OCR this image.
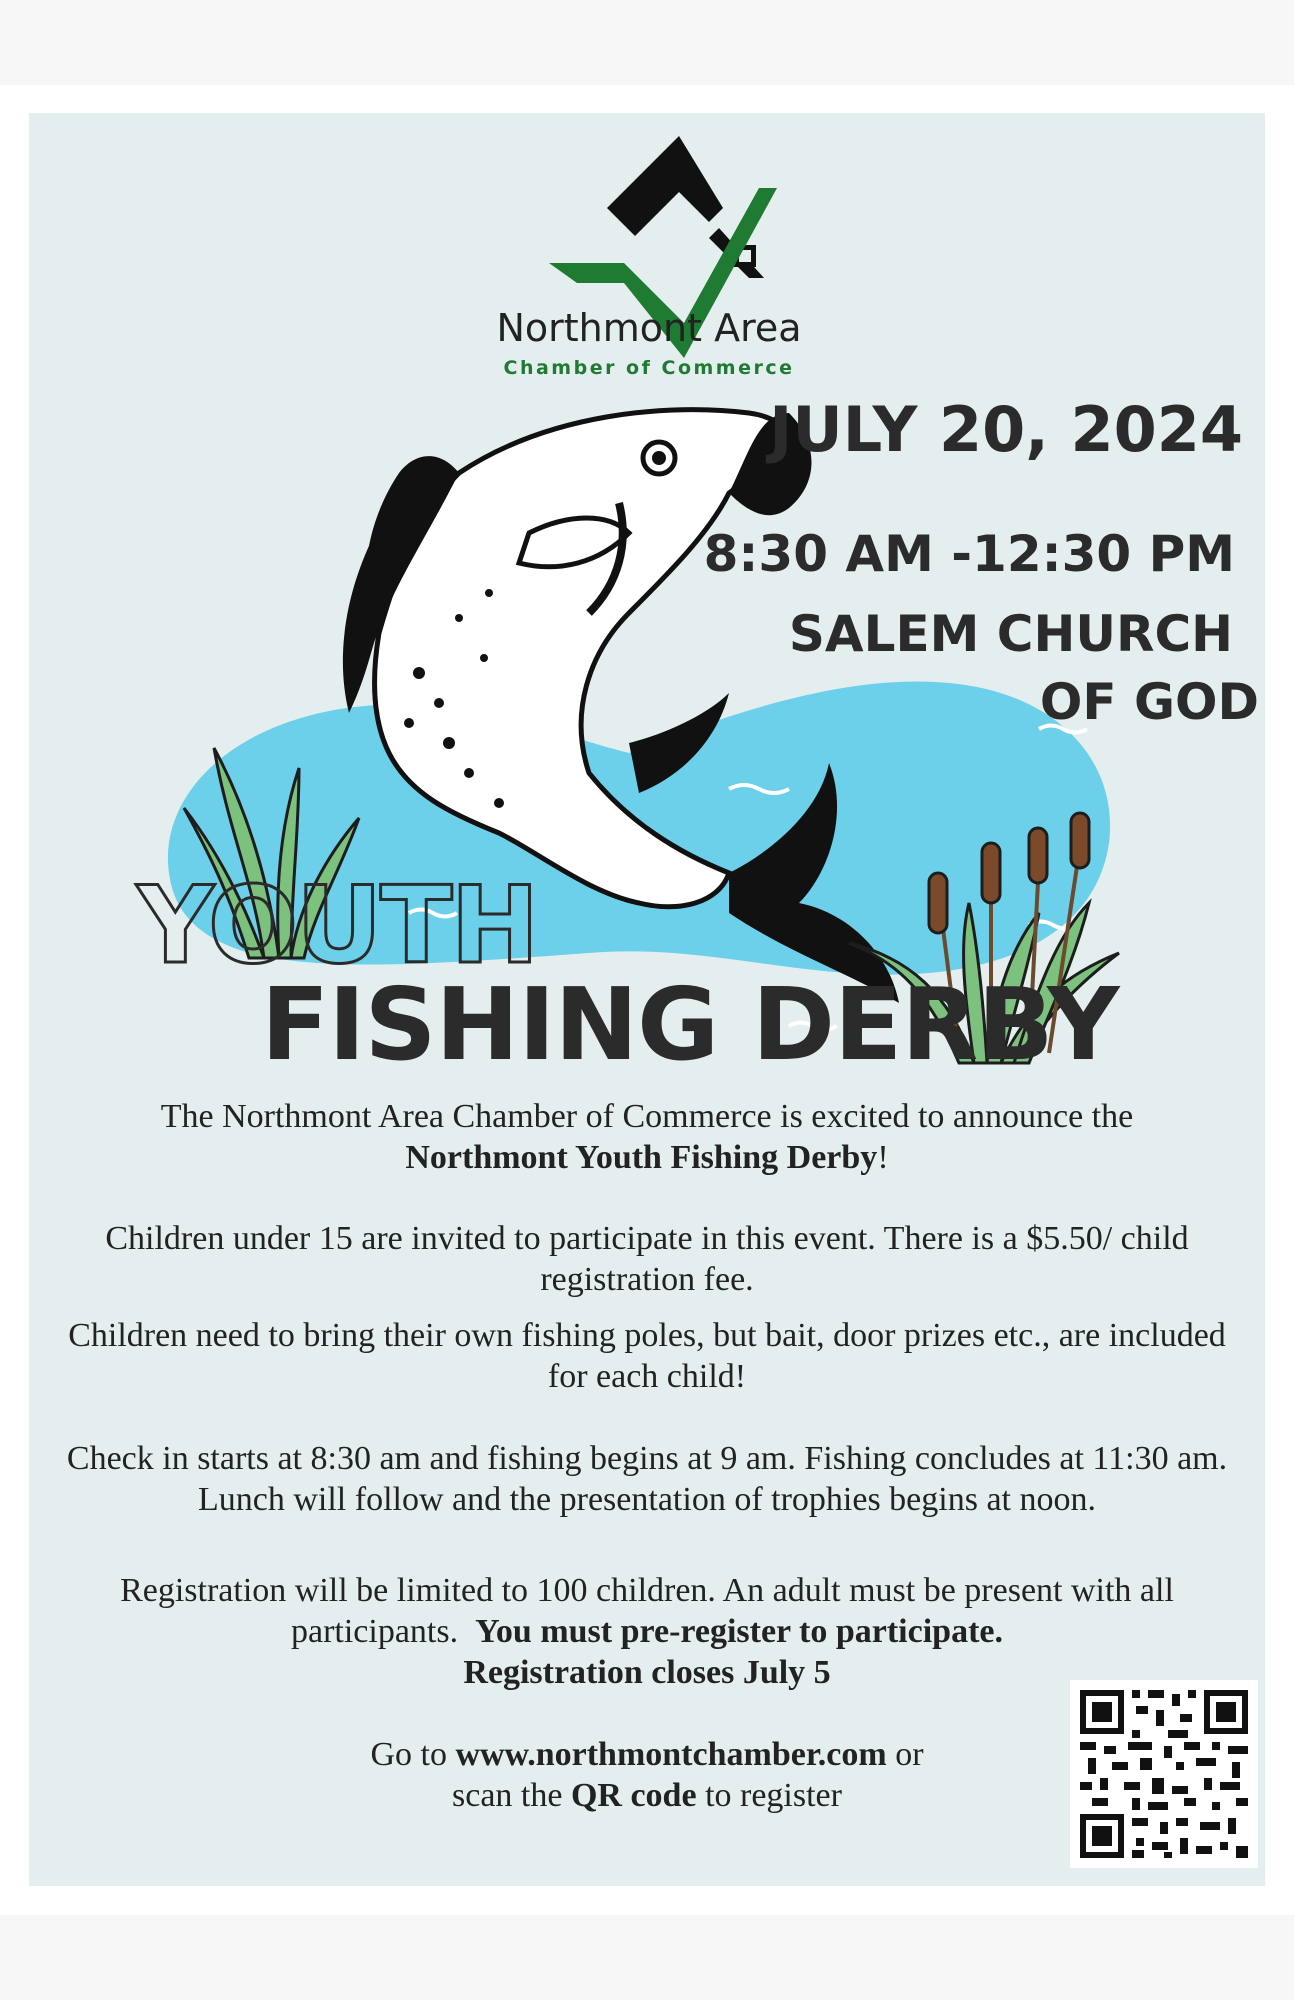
Northmont Area
Chamber of Commerce
JULY 20, 2024
8:30 AM -12:30 PM
SALEM CHURCH
OF GOD
YOUTH
FISHING DERBY
The Northmont Area Chamber of Commerce is excited to announce the
Northmont Youth Fishing Derby!
Children under 15 are invited to participate in this event. There is a $5.50/ child registration fee.
Children need to bring their own fishing poles, but bait, door prizes etc., are included for each child!
Check in starts at 8:30 am and fishing begins at 9 am. Fishing concludes at 11:30 am. Lunch will follow and the presentation of trophies begins at noon.
Registration will be limited to 100 children. An adult must be present with all participants. You must pre-register to participate.
Registration closes July 5
Go to www.northmontchamber.com or
scan the QR code to register
